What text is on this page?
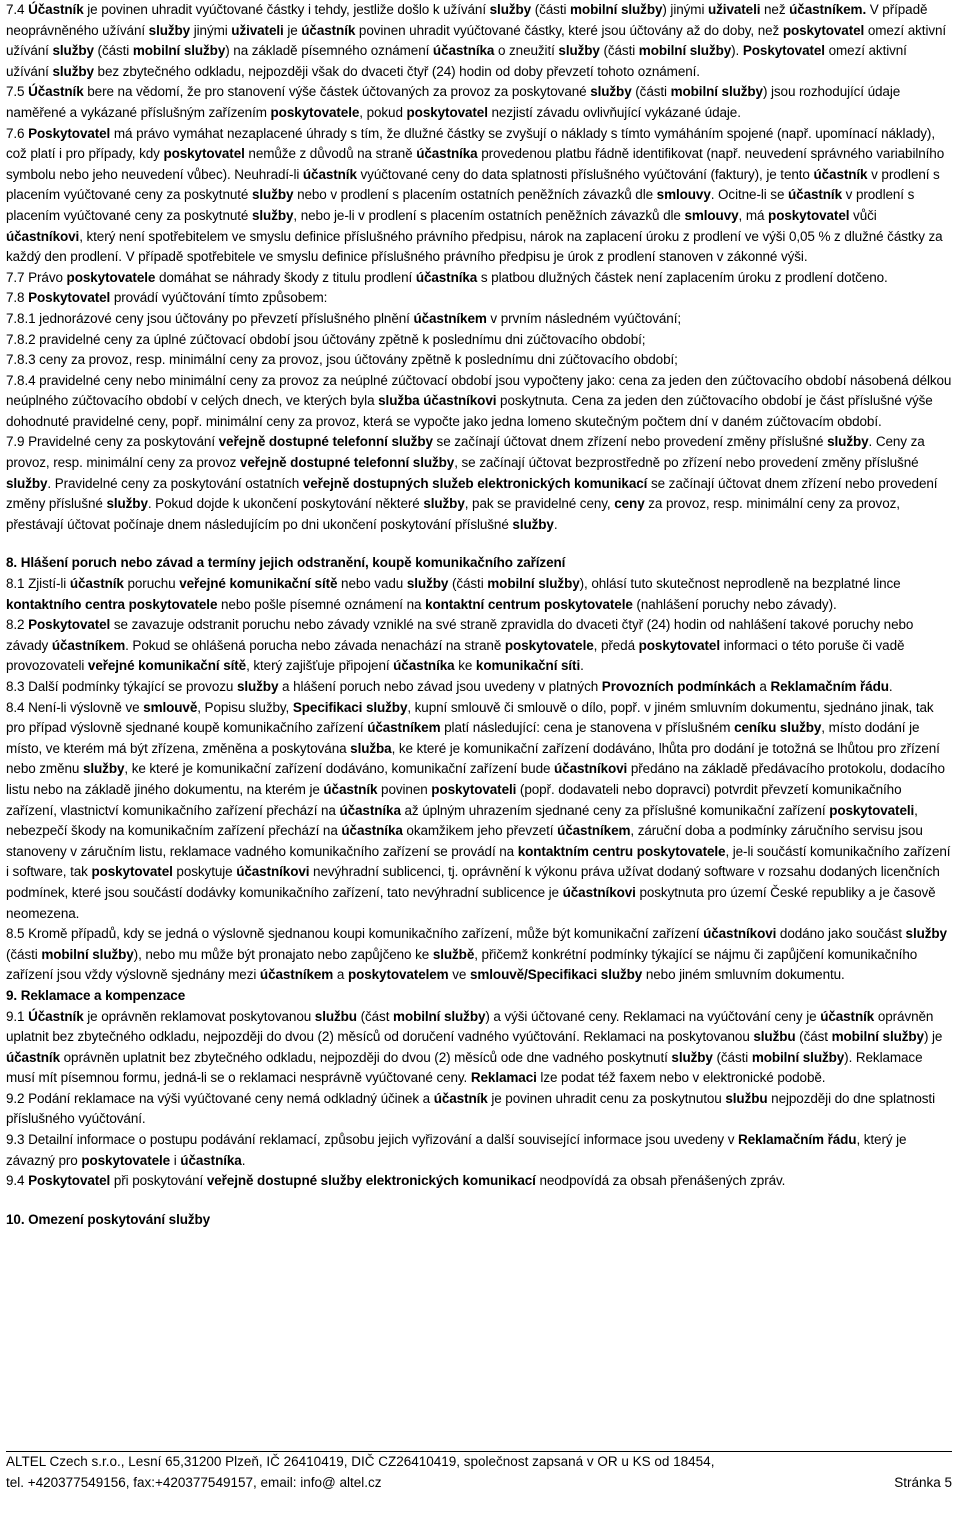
7.4 Účastník je povinen uhradit vyúčtované částky i tehdy, jestliže došlo k užívání služby (části mobilní služby) jinými uživateli než účastníkem. V případě neoprávněného užívání služby jinými uživateli je účastník povinen uhradit vyúčtované částky, které jsou účtovány až do doby, než poskytovatel omezí aktivní užívání služby (části mobilní služby) na základě písemného oznámení účastníka o zneužití služby (části mobilní služby). Poskytovatel omezí aktivní užívání služby bez zbytečného odkladu, nejpozději však do dvaceti čtyř (24) hodin od doby převzetí tohoto oznámení.

7.5 Účastník bere na vědomí, že pro stanovení výše částek účtovaných za provoz za poskytované služby (části mobilní služby) jsou rozhodující údaje naměřené a vykázané příslušným zařízením poskytovatele, pokud poskytovatel nezjistí závadu ovlivňující vykázané údaje.

7.6 Poskytovatel má právo vymáhat nezaplacené úhrady s tím, že dlužné částky se zvyšují o náklady s tímto vymáháním spojené (např. upomínací náklady), což platí i pro případy, kdy poskytovatel nemůže z důvodů na straně účastníka provedenou platbu řádně identifikovat (např. neuvedení správného variabilního symbolu nebo jeho neuvedení vůbec). Neuhradí-li účastník vyúčtované ceny do data splatnosti příslušného vyúčtování (faktury), je tento účastník v prodlení s placením vyúčtované ceny za poskytnuté služby nebo v prodlení s placením ostatních peněžních závazků dle smlouvy. Ocitne-li se účastník v prodlení s placením vyúčtované ceny za poskytnuté služby, nebo je-li v prodlení s placením ostatních peněžních závazků dle smlouvy, má poskytovatel vůči účastníkovi, který není spotřebitelem ve smyslu definice příslušného právního předpisu, nárok na zaplacení úroku z prodlení ve výši 0,05 % z dlužné částky za každý den prodlení. V případě spotřebitele ve smyslu definice příslušného právního předpisu je úrok z prodlení stanoven v zákonné výši.

7.7 Právo poskytovatele domáhat se náhrady škody z titulu prodlení účastníka s platbou dlužných částek není zaplacením úroku z prodlení dotčeno.

7.8 Poskytovatel provádí vyúčtování tímto způsobem:

7.8.1 jednorázové ceny jsou účtovány po převzetí příslušného plnění účastníkem v prvním následném vyúčtování;

7.8.2 pravidelné ceny za úplné zúčtovací období jsou účtovány zpětně k poslednímu dni zúčtovacího období;

7.8.3 ceny za provoz, resp. minimální ceny za provoz, jsou účtovány zpětně k poslednímu dni zúčtovacího období;

7.8.4 pravidelné ceny nebo minimální ceny za provoz za neúplné zúčtovací období jsou vypočteny jako: cena za jeden den zúčtovacího období násobená délkou neúplného zúčtovacího období v celých dnech, ve kterých byla služba účastníkovi poskytnuta. Cena za jeden den zúčtovacího období je část příslušné výše dohodnuté pravidelné ceny, popř. minimální ceny za provoz, která se vypočte jako jedna lomeno skutečným počtem dní v daném zúčtovacím období.

7.9 Pravidelné ceny za poskytování veřejně dostupné telefonní služby se začínají účtovat dnem zřízení nebo provedení změny příslušné služby. Ceny za provoz, resp. minimální ceny za provoz veřejně dostupné telefonní služby, se začínají účtovat bezprostředně po zřízení nebo provedení změny příslušné služby. Pravidelné ceny za poskytování ostatních veřejně dostupných služeb elektronických komunikací se začínají účtovat dnem zřízení nebo provedení změny příslušné služby. Pokud dojde k ukončení poskytování některé služby, pak se pravidelné ceny, ceny za provoz, resp. minimální ceny za provoz, přestávají účtovat počínaje dnem následujícím po dni ukončení poskytování příslušné služby.

8. Hlášení poruch nebo závad a termíny jejich odstranění, koupě komunikačního zařízení

8.1 Zjistí-li účastník poruchu veřejné komunikační sítě nebo vadu služby (části mobilní služby), ohlásí tuto skutečnost neprodleně na bezplatné lince kontaktního centra poskytovatele nebo pošle písemné oznámení na kontaktní centrum poskytovatele (nahlášení poruchy nebo závady).

8.2 Poskytovatel se zavazuje odstranit poruchu nebo závady vzniklé na své straně zpravidla do dvaceti čtyř (24) hodin od nahlášení takové poruchy nebo závady účastníkem. Pokud se ohlášená porucha nebo závada nenachází na straně poskytovatele, předá poskytovatel informaci o této poruše či vadě provozovateli veřejné komunikační sítě, který zajišťuje připojení účastníka ke komunikační síti.

8.3 Další podmínky týkající se provozu služby a hlášení poruch nebo závad jsou uvedeny v platných Provozních podmínkách a Reklamačním řádu.

8.4 Není-li výslovně ve smlouvě, Popisu služby, Specifikaci služby, kupní smlouvě či smlouvě o dílo, popř. v jiném smluvním dokumentu, sjednáno jinak, tak pro případ výslovně sjednané koupě komunikačního zařízení účastníkem platí následující: cena je stanovena v příslušném ceníku služby, místo dodání je místo, ve kterém má být zřízena, změněna a poskytována služba, ke které je komunikační zařízení dodáváno, lhůta pro dodání je totožná se lhůtou pro zřízení nebo změnu služby, ke které je komunikační zařízení dodáváno, komunikační zařízení bude účastníkovi předáno na základě předávacího protokolu, dodacího listu nebo na základě jiného dokumentu, na kterém je účastník povinen poskytovateli (popř. dodavateli nebo dopravci) potvrdit převzetí komunikačního zařízení, vlastnictví komunikačního zařízení přechází na účastníka až úplným uhrazením sjednané ceny za příslušné komunikační zařízení poskytovateli, nebezpečí škody na komunikačním zařízení přechází na účastníka okamžikem jeho převzetí účastníkem, záruční doba a podmínky záručního servisu jsou stanoveny v záručním listu, reklamace vadného komunikačního zařízení se provádí na kontaktním centru poskytovatele, je-li součástí komunikačního zařízení i software, tak poskytovatel poskytuje účastníkovi nevýhradní sublicenci, tj. oprávnění k výkonu práva užívat dodaný software v rozsahu dodaných licenčních podmínek, které jsou součástí dodávky komunikačního zařízení, tato nevýhradní sublicence je účastníkovi poskytnuta pro území České republiky a je časově neomezena.

8.5 Kromě případů, kdy se jedná o výslovně sjednanou koupi komunikačního zařízení, může být komunikační zařízení účastníkovi dodáno jako součást služby (části mobilní služby), nebo mu může být pronajato nebo zapůjčeno ke službě, přičemž konkrétní podmínky týkající se nájmu či zapůjčení komunikačního zařízení jsou vždy výslovně sjednány mezi účastníkem a poskytovatelem ve smlouvě/Specifikaci služby nebo jiném smluvním dokumentu.

9. Reklamace a kompenzace

9.1 Účastník je oprávněn reklamovat poskytovanou službu (část mobilní služby) a výši účtované ceny. Reklamaci na vyúčtování ceny je účastník oprávněn uplatnit bez zbytečného odkladu, nejpozději do dvou (2) měsíců od doručení vadného vyúčtování. Reklamaci na poskytovanou službu (část mobilní služby) je účastník oprávněn uplatnit bez zbytečného odkladu, nejpozději do dvou (2) měsíců ode dne vadného poskytnutí služby (části mobilní služby). Reklamace musí mít písemnou formu, jedná-li se o reklamaci nesprávně vyúčtované ceny. Reklamaci lze podat též faxem nebo v elektronické podobě.

9.2 Podání reklamace na výši vyúčtované ceny nemá odkladný účinek a účastník je povinen uhradit cenu za poskytnutou službu nejpozději do dne splatnosti příslušného vyúčtování.

9.3 Detailní informace o postupu podávání reklamací, způsobu jejich vyřizování a další související informace jsou uvedeny v Reklamačním řádu, který je závazný pro poskytovatele i účastníka.

9.4 Poskytovatel při poskytování veřejně dostupné služby elektronických komunikací neodpovídá za obsah přenášených zpráv.

10. Omezení poskytování služby
ALTEL Czech s.r.o., Lesní 65,31200 Plzeň, IČ 26410419, DIČ CZ26410419, společnost zapsaná v OR u KS od 18454,
tel. +420377549156, fax:+420377549157, email: info@ altel.cz	Stránka 5
